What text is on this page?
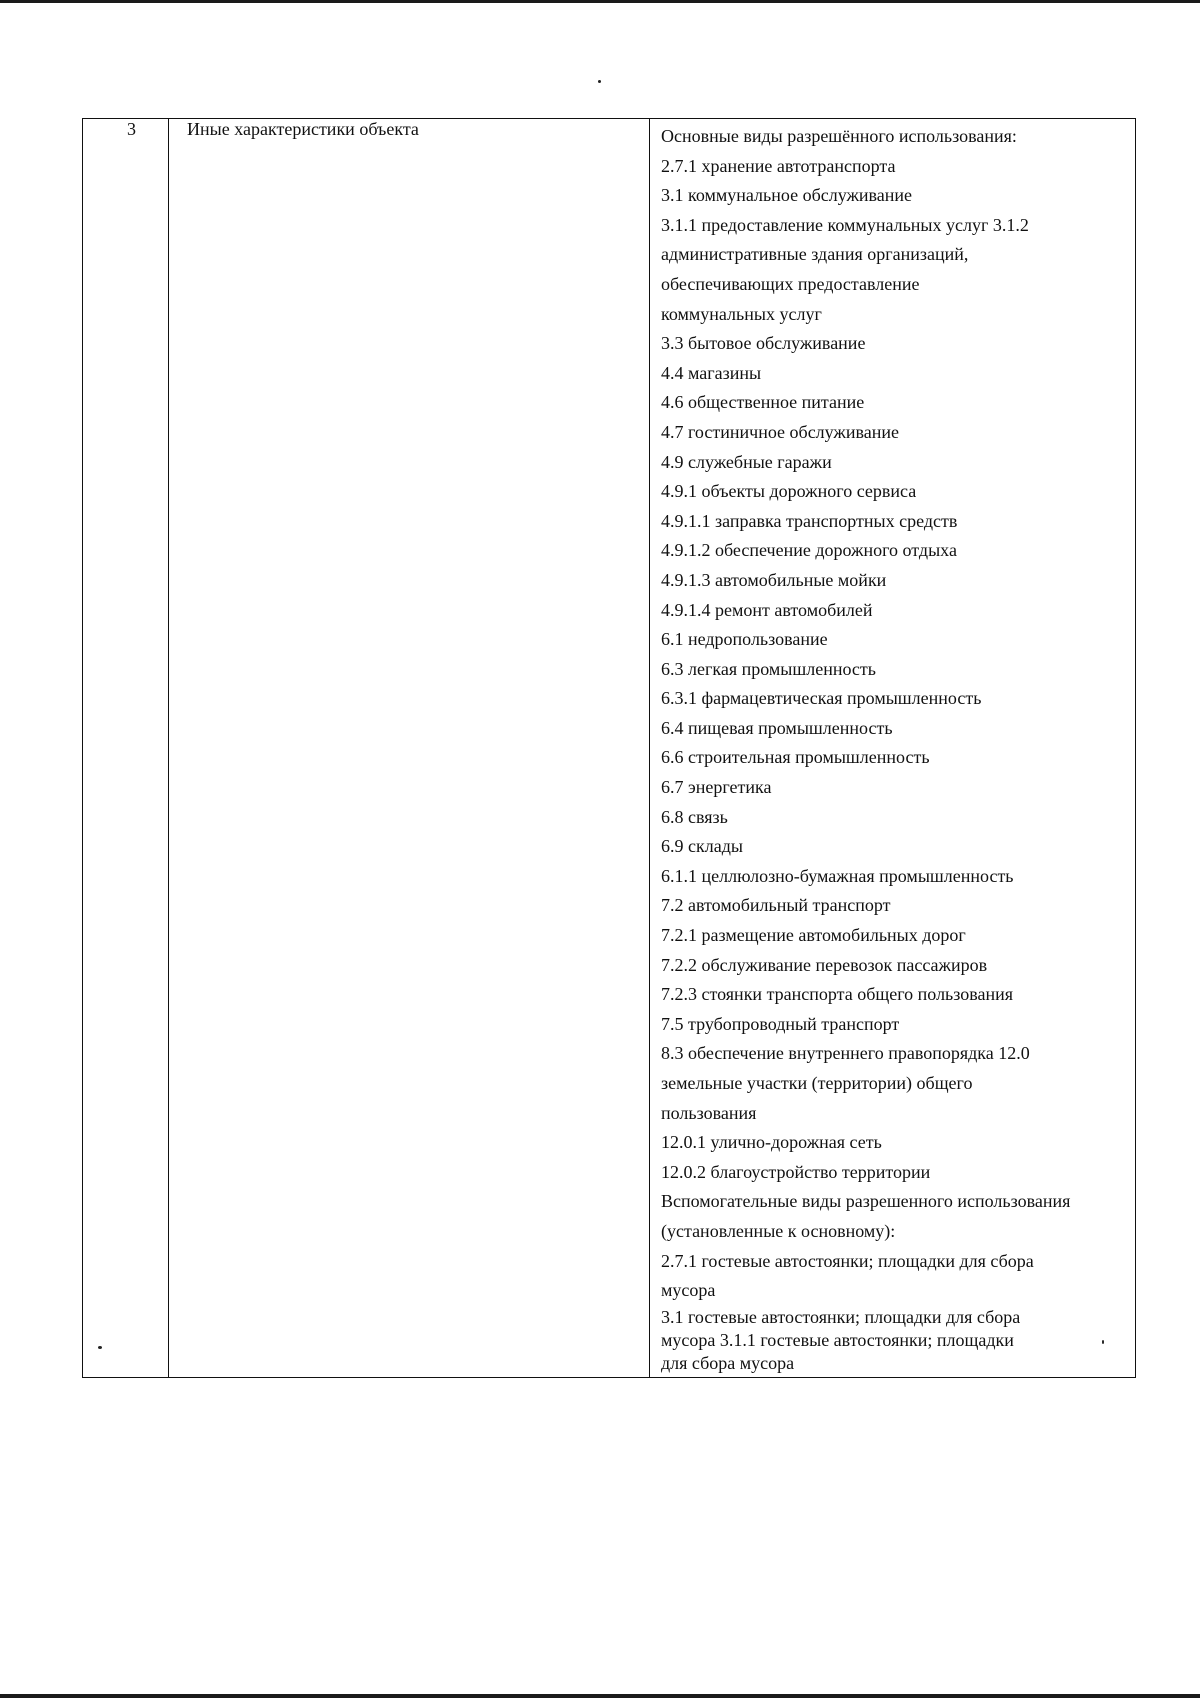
3	Иные характеристики объекта	Основные виды разрешённого использования:
2.7.1 хранение автотранспорта
3.1 коммунальное обслуживание
3.1.1 предоставление коммунальных услуг 3.1.2
административные здания организаций,
обеспечивающих предоставление
коммунальных услуг
3.3 бытовое обслуживание
4.4 магазины
4.6 общественное питание
4.7 гостиничное обслуживание
4.9 служебные гаражи
4.9.1 объекты дорожного сервиса
4.9.1.1 заправка транспортных средств
4.9.1.2 обеспечение дорожного отдыха
4.9.1.3 автомобильные мойки
4.9.1.4 ремонт автомобилей
6.1 недропользование
6.3 легкая промышленность
6.3.1 фармацевтическая промышленность
6.4 пищевая промышленность
6.6 строительная промышленность
6.7 энергетика
6.8 связь
6.9 склады
6.1.1 целлюлозно-бумажная промышленность
7.2 автомобильный транспорт
7.2.1 размещение автомобильных дорог
7.2.2 обслуживание перевозок пассажиров
7.2.3 стоянки транспорта общего пользования
7.5 трубопроводный транспорт
8.3 обеспечение внутреннего правопорядка 12.0
земельные участки (территории) общего
пользования
12.0.1 улично-дорожная сеть
12.0.2 благоустройство территории
Вспомогательные виды разрешенного использования
(установленные к основному):
2.7.1 гостевые автостоянки; площадки для сбора
мусора
3.1 гостевые автостоянки; площадки для сбора
мусора 3.1.1 гостевые автостоянки; площадки
для сбора мусора
